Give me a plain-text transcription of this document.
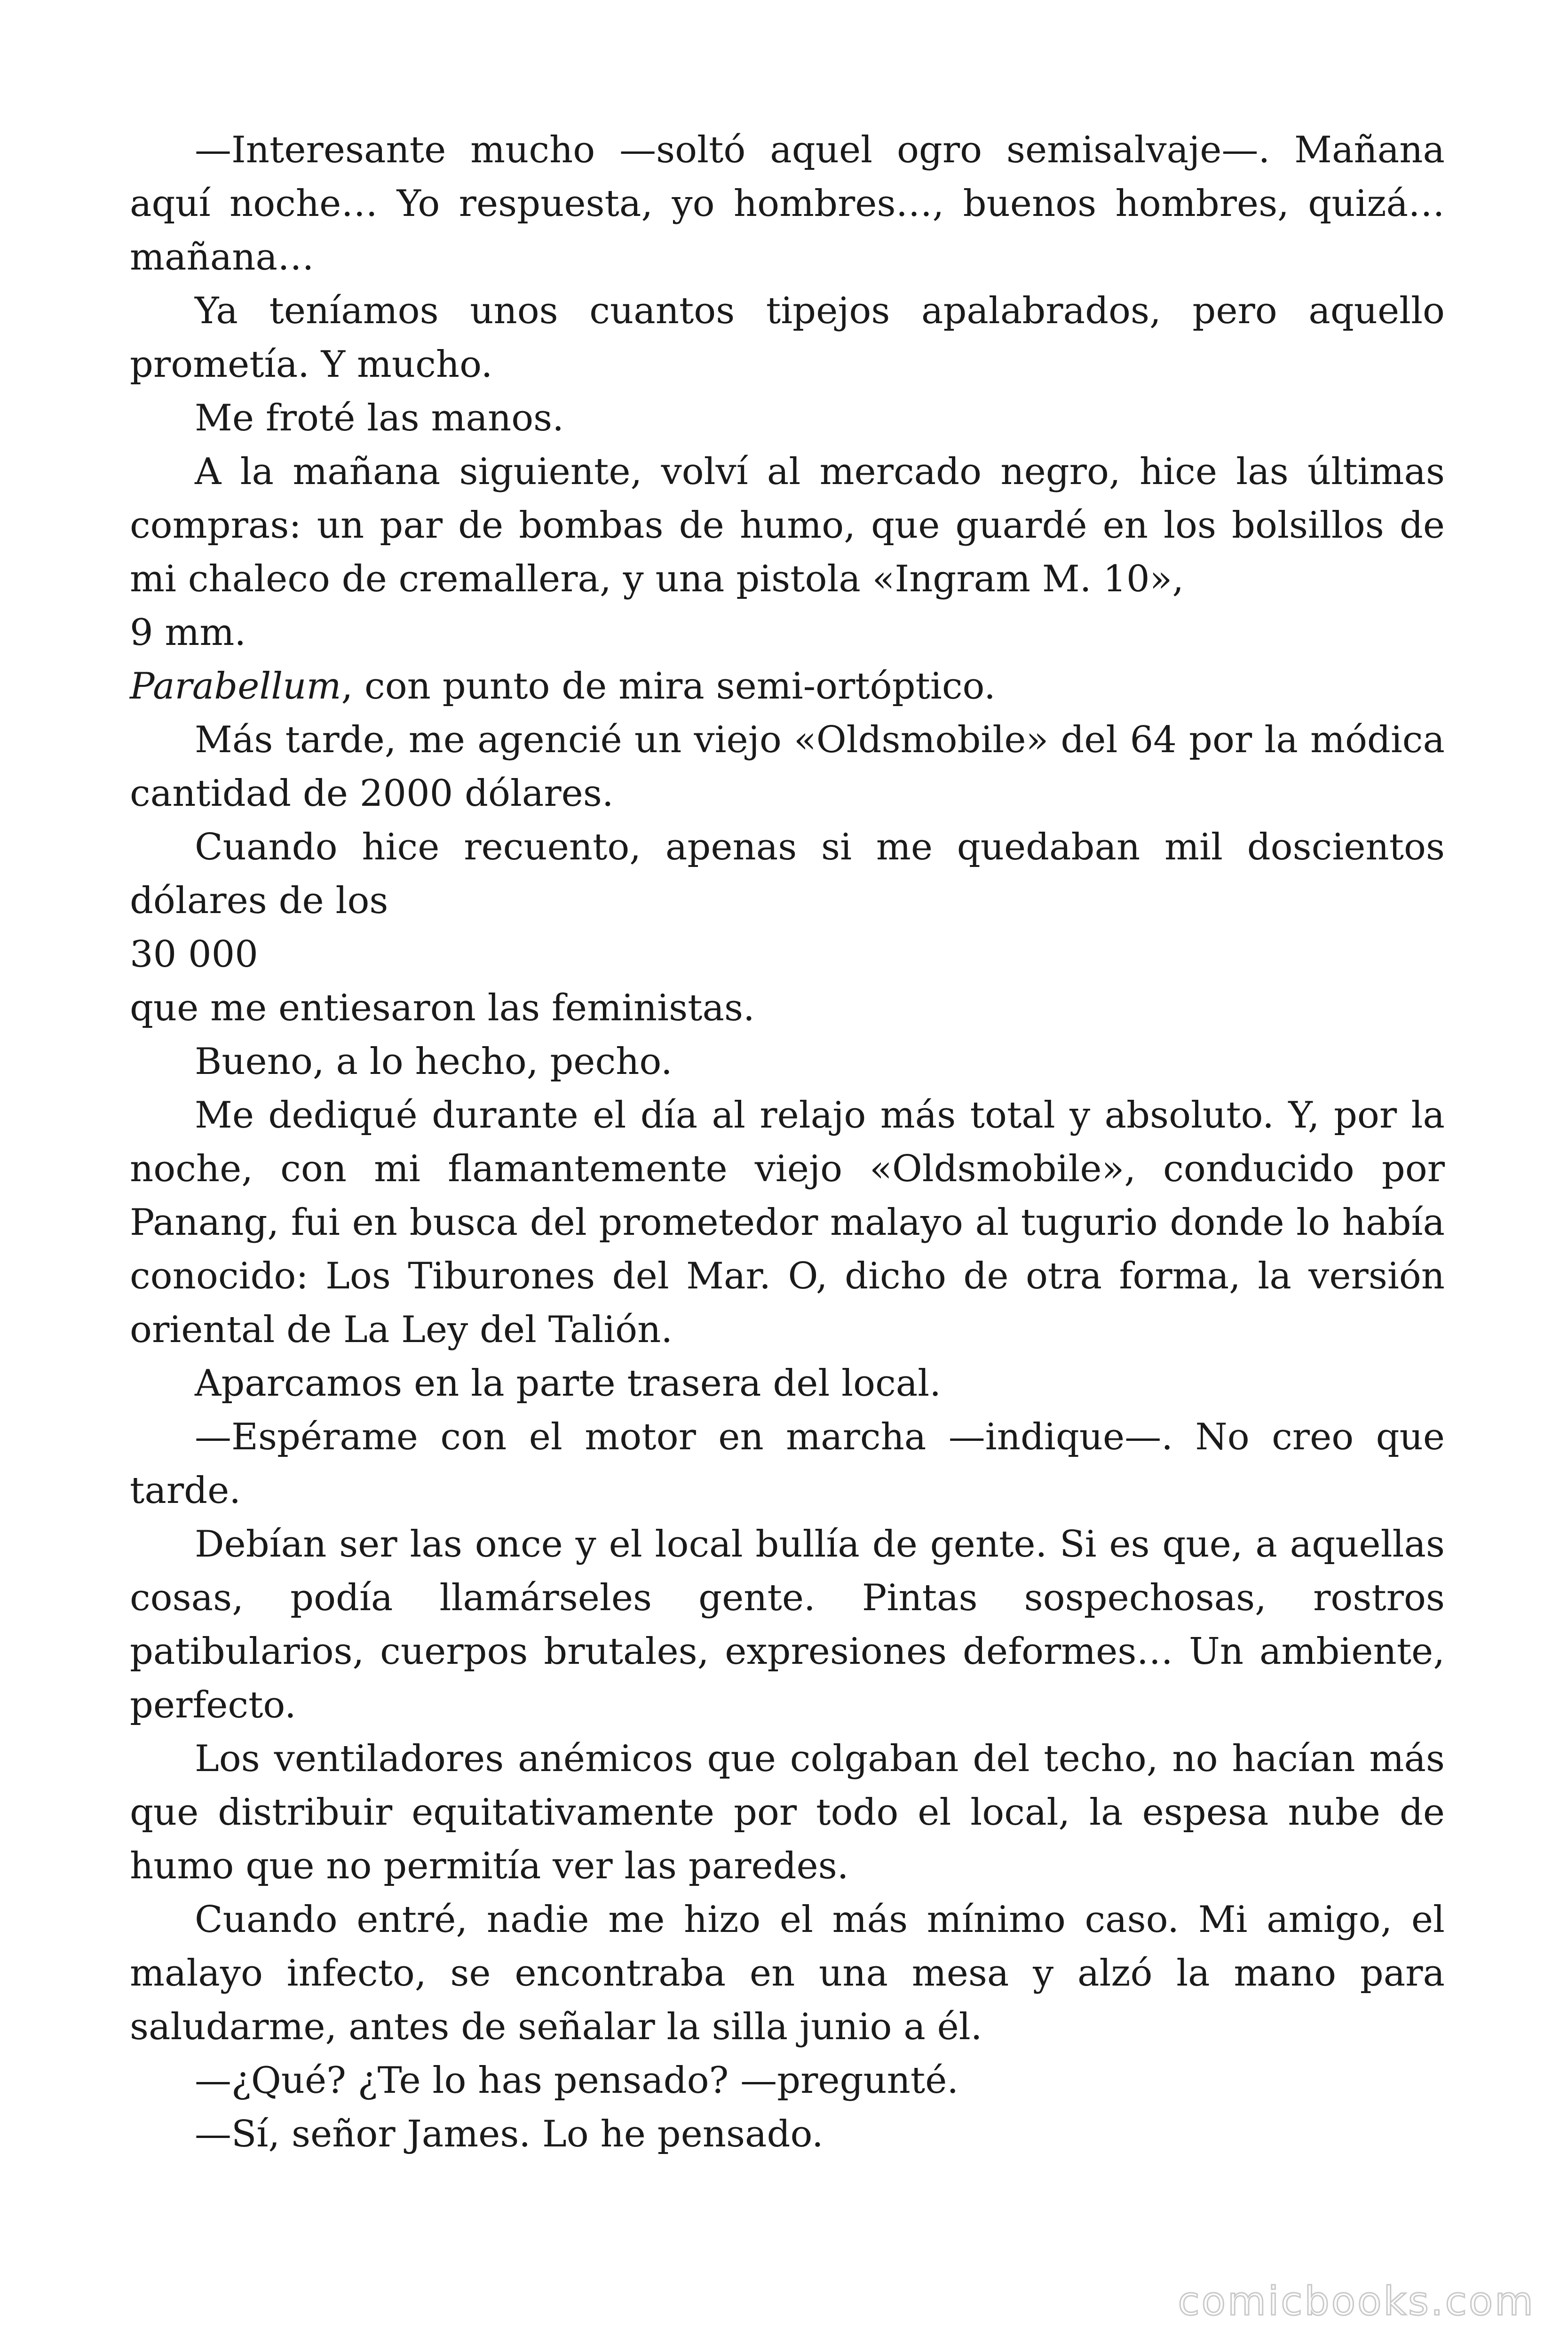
—Interesante mucho —soltó aquel ogro semisalvaje—. Mañana aquí noche… Yo respuesta, yo hombres…, buenos hombres, quizá… mañana…

Ya teníamos unos cuantos tipejos apalabrados, pero aquello prometía. Y mucho.

Me froté las manos.

A la mañana siguiente, volví al mercado negro, hice las últimas compras: un par de bombas de humo, que guardé en los bolsillos de mi chaleco de cremallera, y una pistola «Ingram M. 10»,

9 mm.

Parabellum, con punto de mira semi-ortóptico.

Más tarde, me agencié un viejo «Oldsmobile» del 64 por la módica cantidad de 2000 dólares.

Cuando hice recuento, apenas si me quedaban mil doscientos dólares de los

30 000

que me entiesaron las feministas.

Bueno, a lo hecho, pecho.

Me dediqué durante el día al relajo más total y absoluto. Y, por la noche, con mi flamantemente viejo «Oldsmobile», conducido por Panang, fui en busca del prometedor malayo al tugurio donde lo había conocido: Los Tiburones del Mar. O, dicho de otra forma, la versión oriental de La Ley del Talión.

Aparcamos en la parte trasera del local.

—Espérame con el motor en marcha —indique—. No creo que tarde.

Debían ser las once y el local bullía de gente. Si es que, a aquellas cosas, podía llamárseles gente. Pintas sospechosas, rostros patibularios, cuerpos brutales, expresiones deformes… Un ambiente, perfecto.

Los ventiladores anémicos que colgaban del techo, no hacían más que distribuir equitativamente por todo el local, la espesa nube de humo que no permitía ver las paredes.

Cuando entré, nadie me hizo el más mínimo caso. Mi amigo, el malayo infecto, se encontraba en una mesa y alzó la mano para saludarme, antes de señalar la silla junio a él.

—¿Qué? ¿Te lo has pensado? —pregunté.

—Sí, señor James. Lo he pensado.

comicbooks.com
